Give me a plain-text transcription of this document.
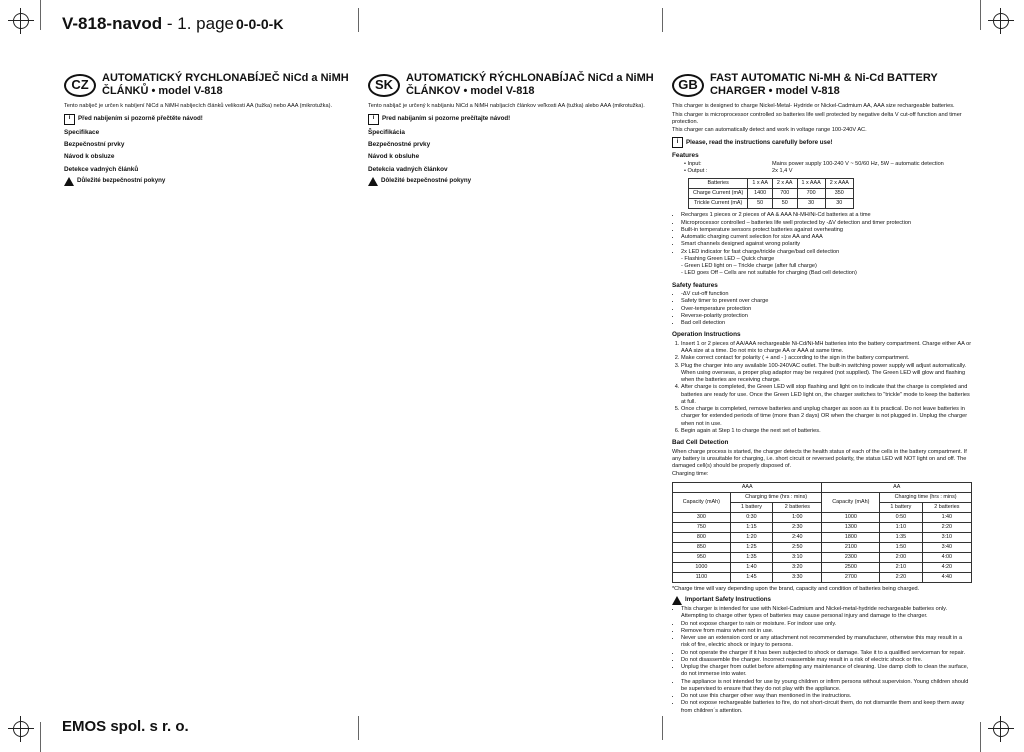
V-818-navod - 1. page 0-0-0-K
CZ	AUTOMATICKÝ RYCHLONABÍJEČ NiCd a NiMH ČLÁNKŮ • model V-818

Tento nabíječ je určen k nabíjení NiCd a NiMH nabíjecích článků velikosti AA (tužka) nebo AAA (mikrotužka).

i	Před nabíjením si pozorně přečtěte návod!
Specifikace
Bezpečnostní prvky
Návod k obsluze
Detekce vadných článků
Důležité bezpečnostní pokyny
SK	AUTOMATICKÝ RÝCHLONABÍJAČ NiCd a NiMH ČLÁNKOV • model V-818

Tento nabíjač je určený k nabíjaniu NiCd a NiMH nabíjacích článkov veľkosti AA (tužka) alebo AAA (mikrotužka).

i	Pred nabíjaním si pozorne prečítajte návod!
Špecifikácia
Bezpečnostné prvky
Návod k obsluhe
Detekcia vadných článkov
Dôležité bezpečnostné pokyny
GB	FAST AUTOMATIC Ni-MH & Ni-Cd BATTERY CHARGER • model V-818

This charger is designed to charge Nickel-Metal- Hydride or Nickel-Cadmium AA, AAA size rechargeable batteries.

This charger is microprocessor controlled so batteries life well protected by negative delta V cut-off function and timer protection.

This charger can automatically detect and work in voltage range 100-240V AC.

i	Please, read the instructions carefully before use!
Features
• Input:	Mains power supply 100-240 V ~ 50/60 Hz, 5W – automatic detection
• Output :	2x 1,4 V
Batteries	1 x AA	2 x AA	1 x AAA	2 x AAA
Charge Current (mA)	1400	700	700	350
Trickle Current (mA)	50	50	30	30
• Recharges 1 pieces or 2 pieces of AA & AAA Ni-MH/Ni-Cd batteries at a time
• Microprocessor controlled – batteries life well protected by -ΔV detection and timer protection
• Built-in temperature sensors protect batteries against overheating
• Automatic charging current selection for size AA and AAA
• Smart channels designed against wrong polarity
• 2x LED indicator for fast charge/trickle charge/bad cell detection
- Flashing Green LED – Quick charge
- Green LED light on – Trickle charge (after full charge)
- LED goes Off – Cells are not suitable for charging (Bad cell detection)
Safety features
• -ΔV cut-off function
• Safety timer to prevent over charge
• Over-temperature protection
• Reverse-polarity protection
• Bad cell detection
Operation Instructions
1. Insert 1 or 2 pieces of AA/AAA rechargeable Ni-Cd/Ni-MH batteries into the battery compartment. Charge either AA or AAA size at a time. Do not mix to charge AA or AAA at same time.
2. Make correct contact for polarity ( + and - ) according to the sign in the battery compartment.
3. Plug the charger into any available 100-240VAC outlet. The built-in switching power supply will adjust automatically. When using overseas, a proper plug adaptor may be required (not supplied). The Green LED will glow and flashing when the batteries are receiving charge.
4. After charge is completed, the Green LED will stop flashing and light on to indicate that the charge is completed and batteries are ready for use. Once the Green LED light on, the charger switches to "trickle" mode to keep the batteries at full.
5. Once charge is completed, remove batteries and unplug charger as soon as it is practical. Do not leave batteries in charger for extended periods of time (more than 2 days) OR when the charger is not plugged in. Unplug the charger when not in use.
6. Begin again at Step 1 to charge the next set of batteries.
Bad Cell Detection

When charge process is started, the charger detects the health status of each of the cells in the battery compartment. If any battery is unsuitable for charging, i.e. short circuit or reversed polarity, the status LED will NOT light on and off. The damaged cell(s) should be properly disposed of.

Charging time:

AAA			AA		
Capacity (mAh)	Charging time (hrs : mins)		Capacity (mAh)	Charging time (hrs : mins)	
	1 battery	2 batteries		1 battery	2 batteries
300	0:30	1:00	1000	0:50	1:40
750	1:15	2:30	1300	1:10	2:20
800	1:20	2:40	1800	1:35	3:10
850	1:25	2:50	2100	1:50	3:40
950	1:35	3:10	2300	2:00	4:00
1000	1:40	3:20	2500	2:10	4:20
1100	1:45	3:30	2700	2:20	4:40

*Charge time will vary depending upon the brand, capacity and condition of batteries being charged.

Important Safety Instructions
• This charger is intended for use with Nickel-Cadmium and Nickel-metal-hydride rechargeable batteries only. Attempting to charge other types of batteries may cause personal injury and damage to the charger.
• Do not expose charger to rain or moisture. For indoor use only.
• Remove from mains when not in use.
• Never use an extension cord or any attachment not recommended by manufacturer, otherwise this may result in a risk of fire, electric shock or injury to persons.
• Do not operate the charger if it has been subjected to shock or damage. Take it to a qualified serviceman for repair.
• Do not disassemble the charger. Incorrect reassemble may result in a risk of electric shock or fire.
• Unplug the charger from outlet before attempting any maintenance of cleaning. Use damp cloth to clean the surface, do not immerse into water.
• The appliance is not intended for use by young children or infirm persons without supervision. Young children should be supervised to ensure that they do not play with the appliance.
• Do not use this charger other way than mentioned in the instructions.
• Do not expose rechargeable batteries to fire, do not short-circuit them, do not dismantle them and keep them away from children´s attention.
EMOS spol. s r. o.
